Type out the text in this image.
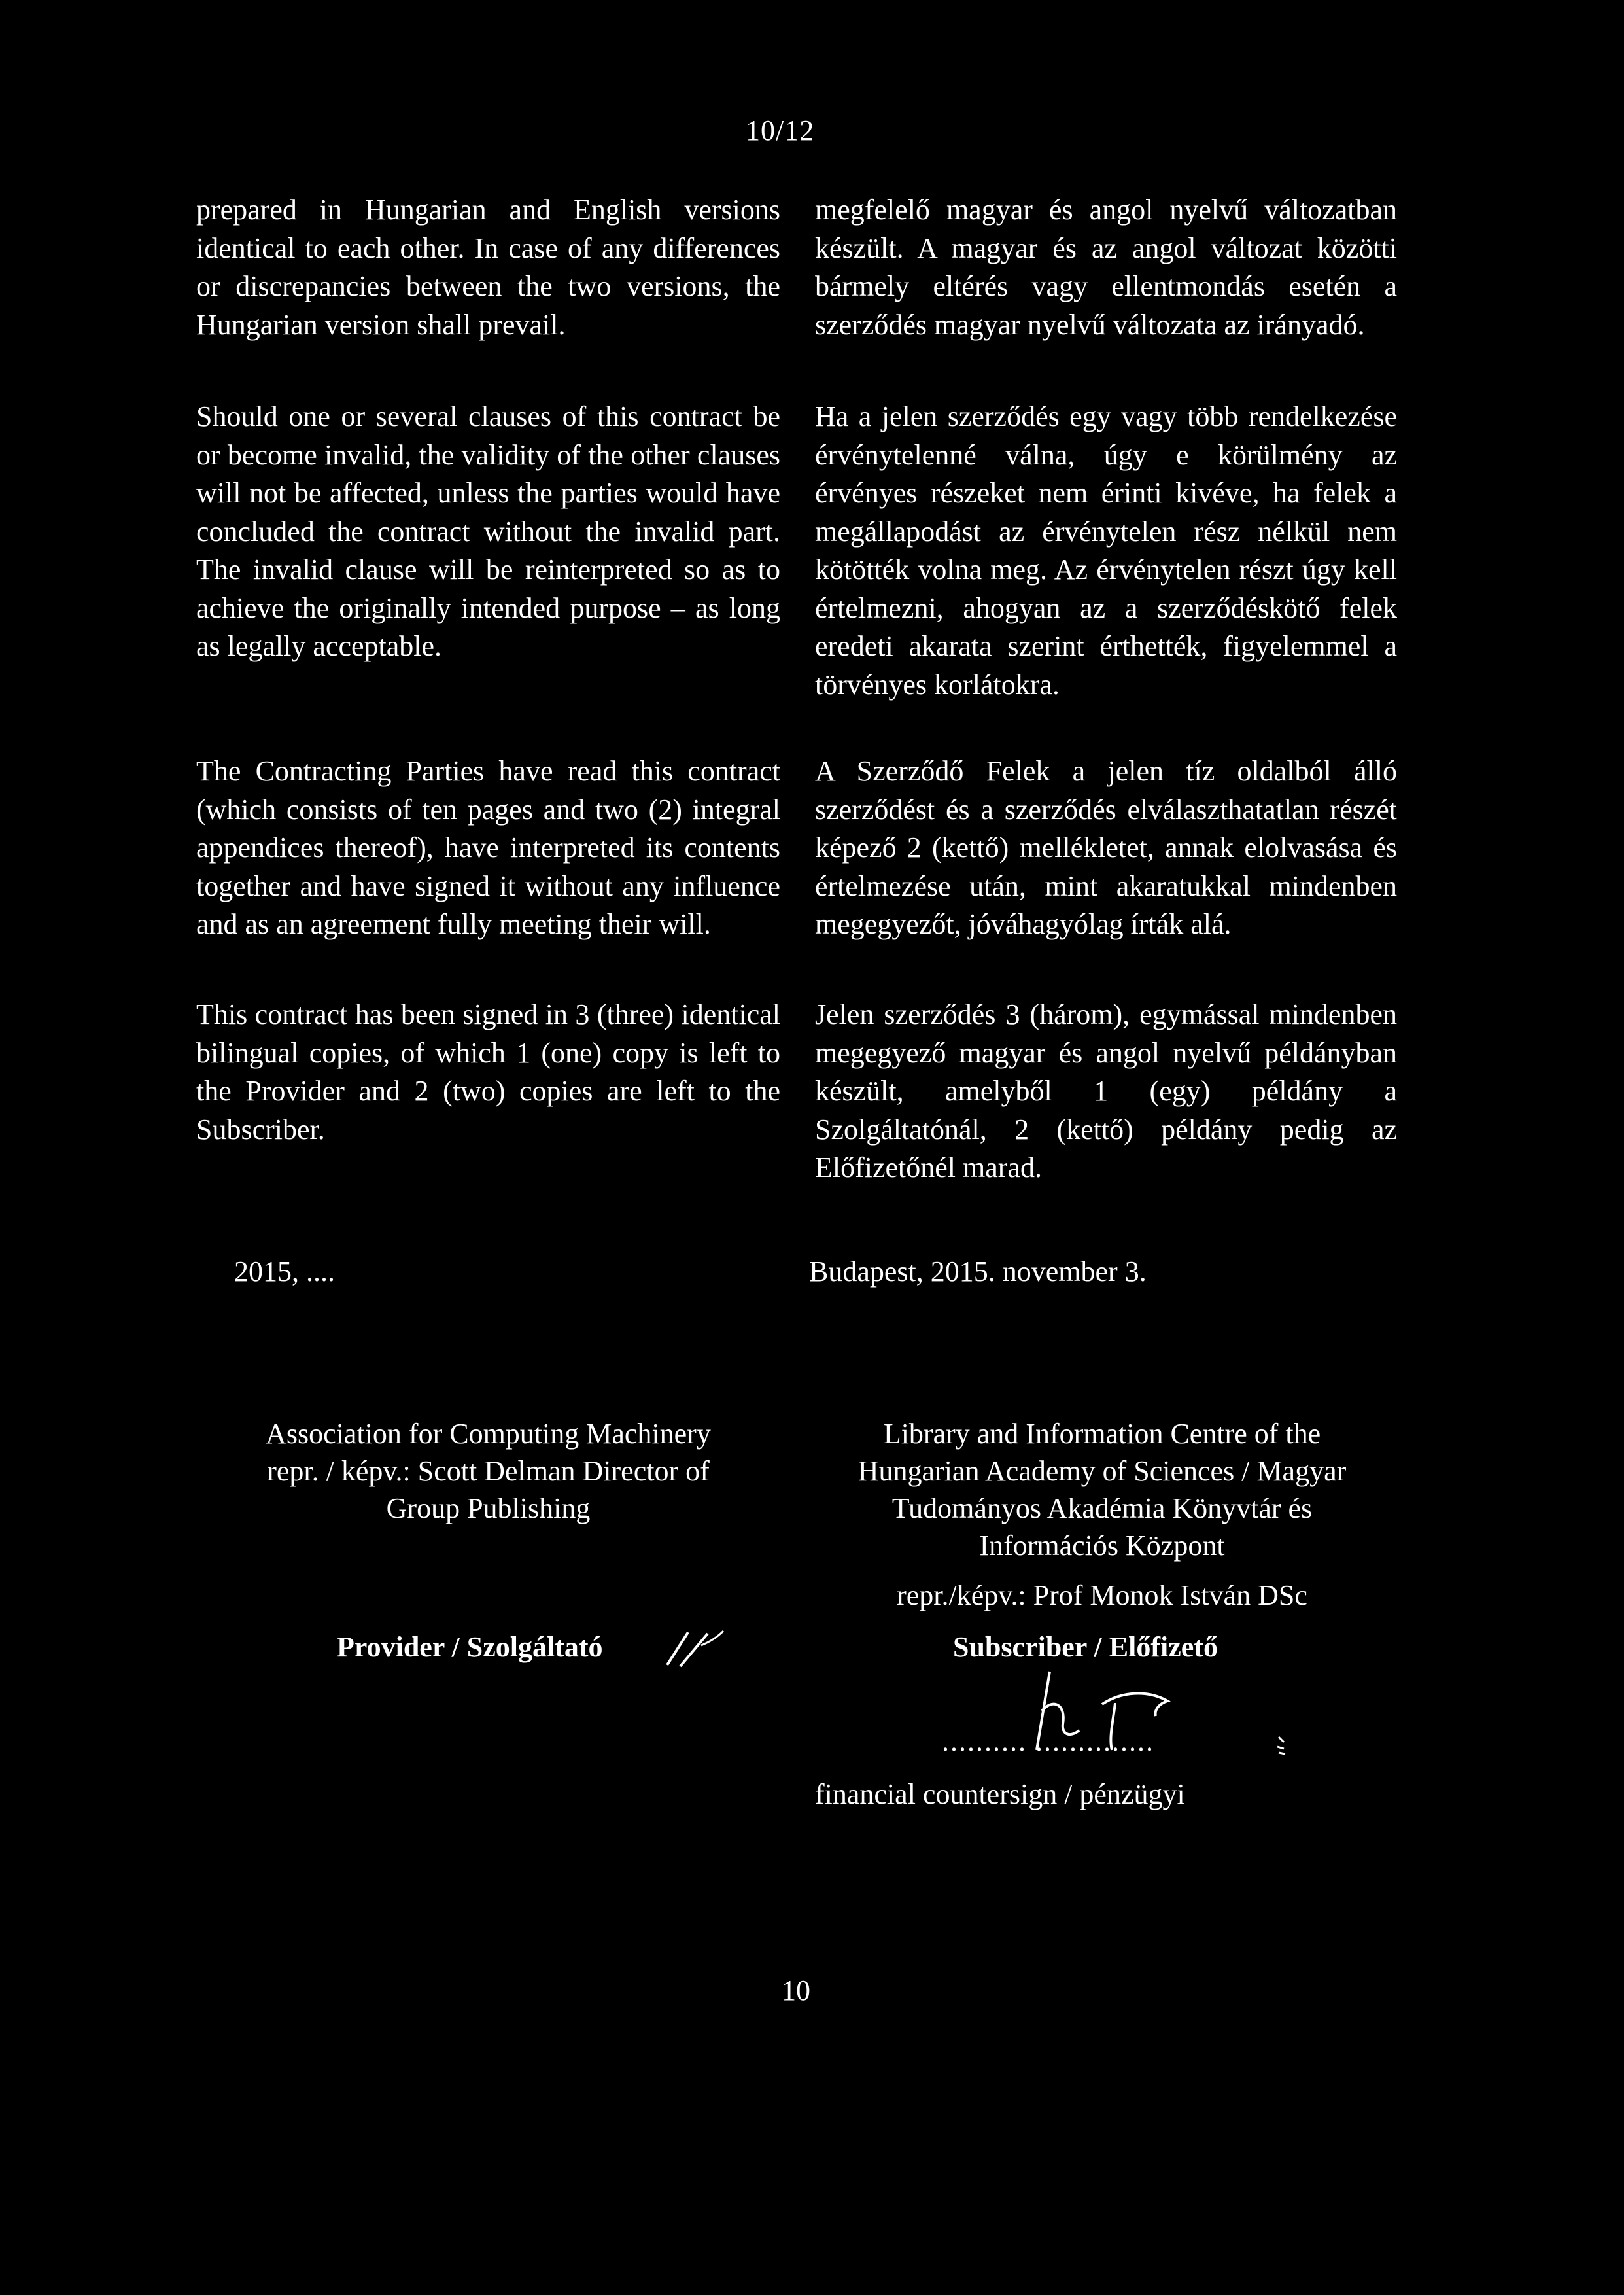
10/12

prepared in Hungarian and English versions identical to each other. In case of any differences or discrepancies between the two versions, the Hungarian version shall prevail.

Should one or several clauses of this contract be or become invalid, the validity of the other clauses will not be affected, unless the parties would have concluded the contract without the invalid part. The invalid clause will be reinterpreted so as to achieve the originally intended purpose – as long as legally acceptable.

The Contracting Parties have read this contract (which consists of ten pages and two (2) integral appendices thereof), have interpreted its contents together and have signed it without any influence and as an agreement fully meeting their will.

This contract has been signed in 3 (three) identical bilingual copies, of which 1 (one) copy is left to the Provider and 2 (two) copies are left to the Subscriber.

megfelelő magyar és angol nyelvű változatban készült. A magyar és az angol változat közötti bármely eltérés vagy ellentmondás esetén a szerződés magyar nyelvű változata az irányadó.

Ha a jelen szerződés egy vagy több rendelkezése érvénytelenné válna, úgy e körülmény az érvényes részeket nem érinti kivéve, ha felek a megállapodást az érvénytelen rész nélkül nem kötötték volna meg. Az érvénytelen részt úgy kell értelmezni, ahogyan az a szerződéskötő felek eredeti akarata szerint érthették, figyelemmel a törvényes korlátokra.

A Szerződő Felek a jelen tíz oldalból álló szerződést és a szerződés elválaszthatatlan részét képező 2 (kettő) mellékletet, annak elolvasása és értelmezése után, mint akaratukkal mindenben megegyezőt, jóváhagyólag írták alá.

Jelen szerződés 3 (három), egymással mindenben megegyező magyar és angol nyelvű példányban készült, amelyből 1 (egy) példány a Szolgáltatónál, 2 (kettő) példány pedig az Előfizetőnél marad.

2015, ....	Budapest, 2015. november 3.
Association for Computing Machinery
repr. / képv.: Scott Delman Director of
Group Publishing
Provider / Szolgáltató
Library and Information Centre of the
Hungarian Academy of Sciences / Magyar
Tudományos Akadémia Könyvtár és
Információs Központ
repr./képv.: Prof Monok István DSc
Subscriber / Előfizető
.......... ..............
financial countersign / pénzügyi
10
